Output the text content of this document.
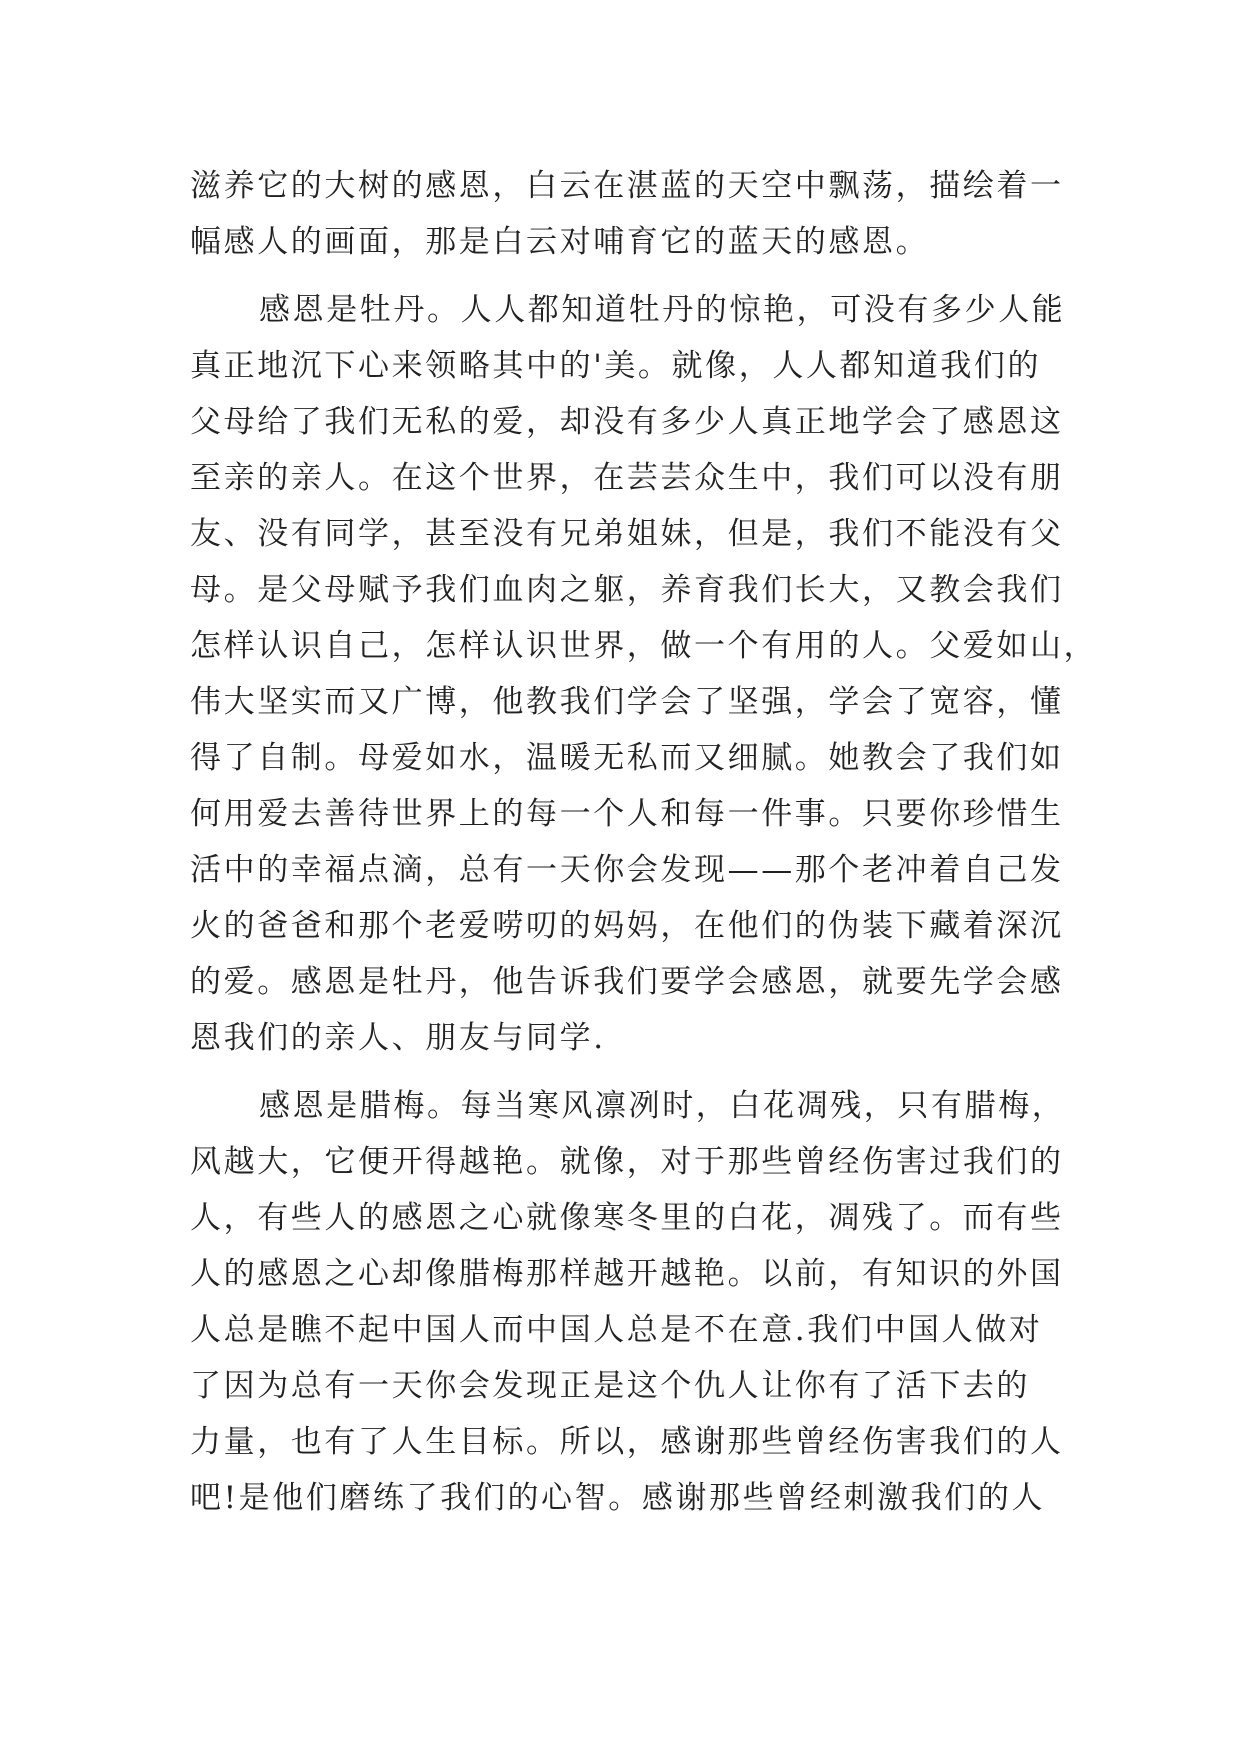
滋养它的大树的感恩，白云在湛蓝的天空中飘荡，描绘着一
幅感人的画面，那是白云对哺育它的蓝天的感恩。
感恩是牡丹。人人都知道牡丹的惊艳，可没有多少人能
真正地沉下心来领略其中的'美。就像，人人都知道我们的
父母给了我们无私的爱，却没有多少人真正地学会了感恩这
至亲的亲人。在这个世界，在芸芸众生中，我们可以没有朋
友、没有同学，甚至没有兄弟姐妹，但是，我们不能没有父
母。是父母赋予我们血肉之躯，养育我们长大，又教会我们
怎样认识自己，怎样认识世界，做一个有用的人。父爱如山，
伟大坚实而又广博，他教我们学会了坚强，学会了宽容，懂
得了自制。母爱如水，温暖无私而又细腻。她教会了我们如
何用爱去善待世界上的每一个人和每一件事。只要你珍惜生
活中的幸福点滴，总有一天你会发现——那个老冲着自己发
火的爸爸和那个老爱唠叨的妈妈，在他们的伪装下藏着深沉
的爱。感恩是牡丹，他告诉我们要学会感恩，就要先学会感
恩我们的亲人、朋友与同学.
感恩是腊梅。每当寒风凛冽时，白花凋残，只有腊梅，
风越大，它便开得越艳。就像，对于那些曾经伤害过我们的
人，有些人的感恩之心就像寒冬里的白花，凋残了。而有些
人的感恩之心却像腊梅那样越开越艳。以前，有知识的外国
人总是瞧不起中国人而中国人总是不在意.我们中国人做对
了因为总有一天你会发现正是这个仇人让你有了活下去的
力量，也有了人生目标。所以，感谢那些曾经伤害我们的人
吧!是他们磨练了我们的心智。感谢那些曾经刺激我们的人
